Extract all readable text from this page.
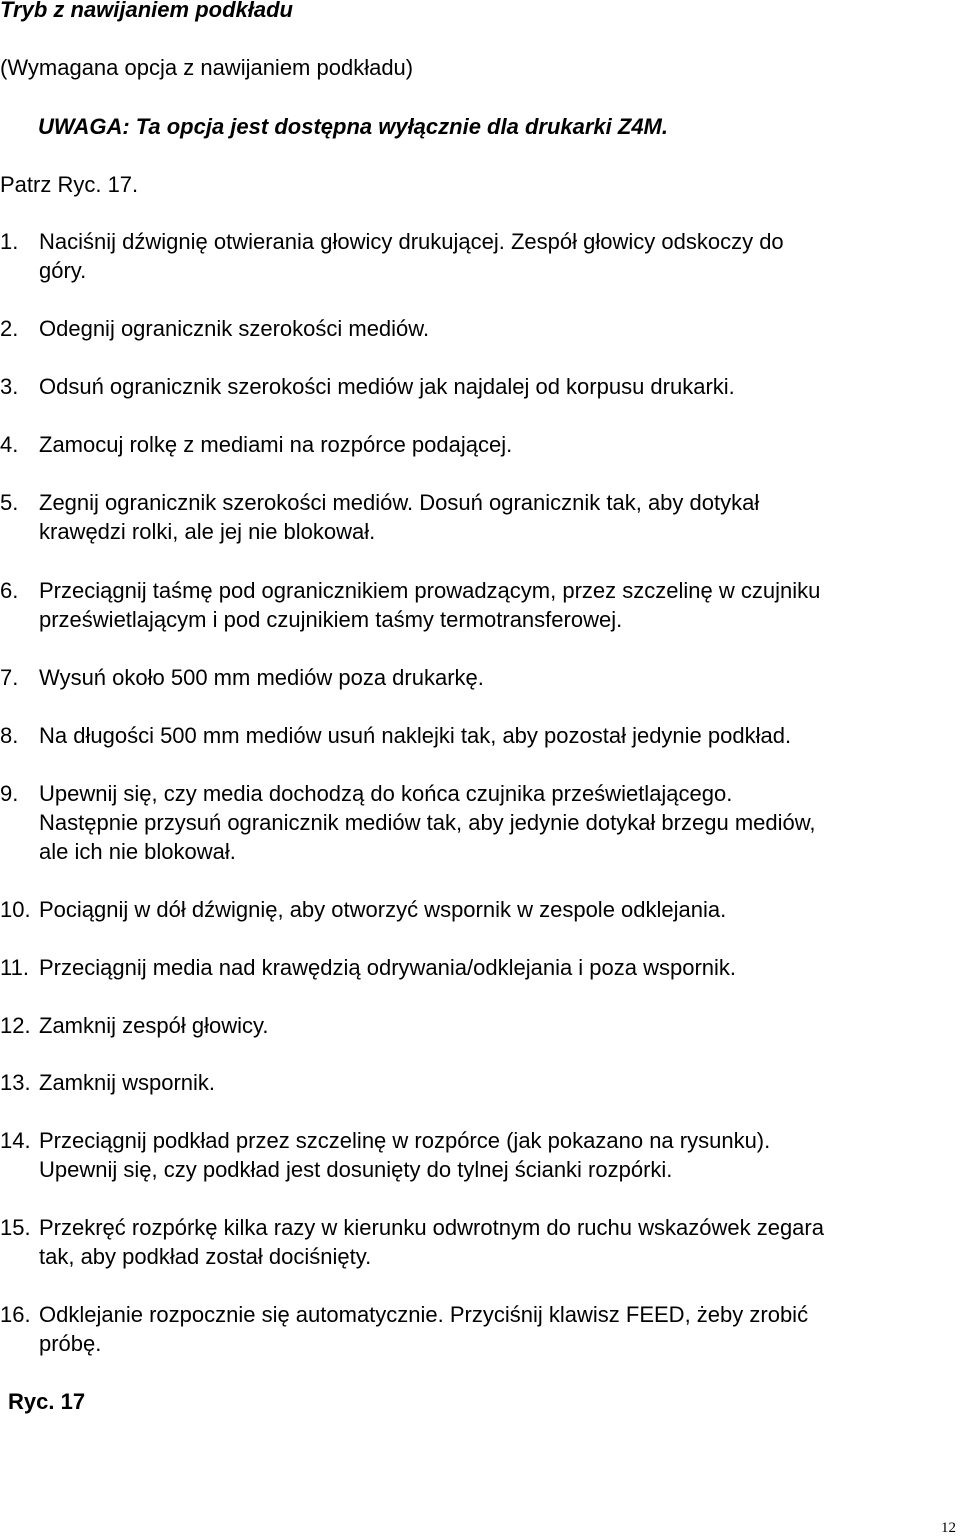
Tryb z nawijaniem podkładu

(Wymagana opcja z nawijaniem podkładu)

UWAGA: Ta opcja jest dostępna wyłącznie dla drukarki Z4M.

Patrz Ryc. 17.

1. Naciśnij dźwignię otwierania głowicy drukującej. Zespół głowicy odskoczy do
góry.
2. Odegnij ogranicznik szerokości mediów.
3. Odsuń ogranicznik szerokości mediów jak najdalej od korpusu drukarki.
4. Zamocuj rolkę z mediami na rozpórce podającej.
5. Zegnij ogranicznik szerokości mediów. Dosuń ogranicznik tak, aby dotykał
krawędzi rolki, ale jej nie blokował.
6. Przeciągnij taśmę pod ogranicznikiem prowadzącym, przez szczelinę w czujniku
prześwietlającym i pod czujnikiem taśmy termotransferowej.
7. Wysuń około 500 mm mediów poza drukarkę.
8. Na długości 500 mm mediów usuń naklejki tak, aby pozostał jedynie podkład.
9. Upewnij się, czy media dochodzą do końca czujnika prześwietlającego.
Następnie przysuń ogranicznik mediów tak, aby jedynie dotykał brzegu mediów,
ale ich nie blokował.
10. Pociągnij w dół dźwignię, aby otworzyć wspornik w zespole odklejania.
11. Przeciągnij media nad krawędzią odrywania/odklejania i poza wspornik.
12. Zamknij zespół głowicy.
13. Zamknij wspornik.
14. Przeciągnij podkład przez szczelinę w rozpórce (jak pokazano na rysunku).
Upewnij się, czy podkład jest dosunięty do tylnej ścianki rozpórki.
15. Przekręć rozpórkę kilka razy w kierunku odwrotnym do ruchu wskazówek zegara
tak, aby podkład został dociśnięty.
16. Odklejanie rozpocznie się automatycznie. Przyciśnij klawisz FEED, żeby zrobić
próbę.

Ryc. 17

12
